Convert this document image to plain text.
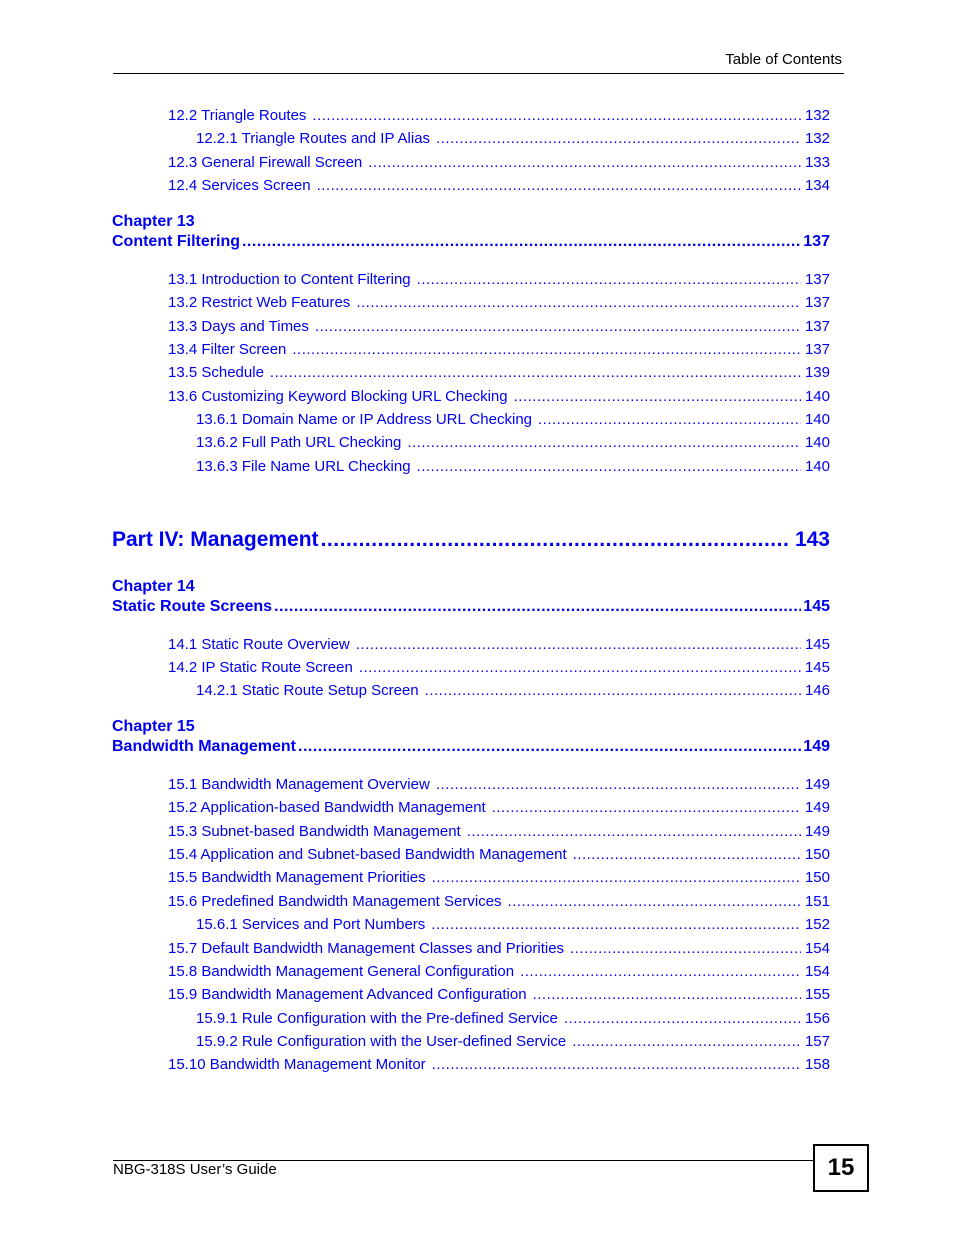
Table of Contents
12.2 Triangle Routes .....	132
12.2.1 Triangle Routes and IP Alias .....	132
12.3 General Firewall Screen .....	133
12.4 Services Screen .....	134
Chapter 13
Content Filtering .....	137
13.1 Introduction to Content Filtering .....	137
13.2 Restrict Web Features .....	137
13.3 Days and Times .....	137
13.4 Filter Screen .....	137
13.5 Schedule .....	139
13.6 Customizing Keyword Blocking URL Checking .....	140
13.6.1 Domain Name or IP Address URL Checking .....	140
13.6.2 Full Path URL Checking .....	140
13.6.3 File Name URL Checking .....	140
Part IV: Management .....	143
Chapter 14
Static Route Screens .....	145
14.1 Static Route Overview .....	145
14.2 IP Static Route Screen .....	145
14.2.1 Static Route Setup Screen .....	146
Chapter 15
Bandwidth Management .....	149
15.1 Bandwidth Management Overview .....	149
15.2 Application-based Bandwidth Management .....	149
15.3 Subnet-based Bandwidth Management .....	149
15.4 Application and Subnet-based Bandwidth Management .....	150
15.5 Bandwidth Management Priorities .....	150
15.6 Predefined Bandwidth Management Services .....	151
15.6.1 Services and Port Numbers .....	152
15.7 Default Bandwidth Management Classes and Priorities .....	154
15.8 Bandwidth Management General Configuration .....	154
15.9 Bandwidth Management Advanced Configuration .....	155
15.9.1 Rule Configuration with the Pre-defined Service .....	156
15.9.2 Rule Configuration with the User-defined Service .....	157
15.10 Bandwidth Management Monitor .....	158
NBG-318S User’s Guide	15
